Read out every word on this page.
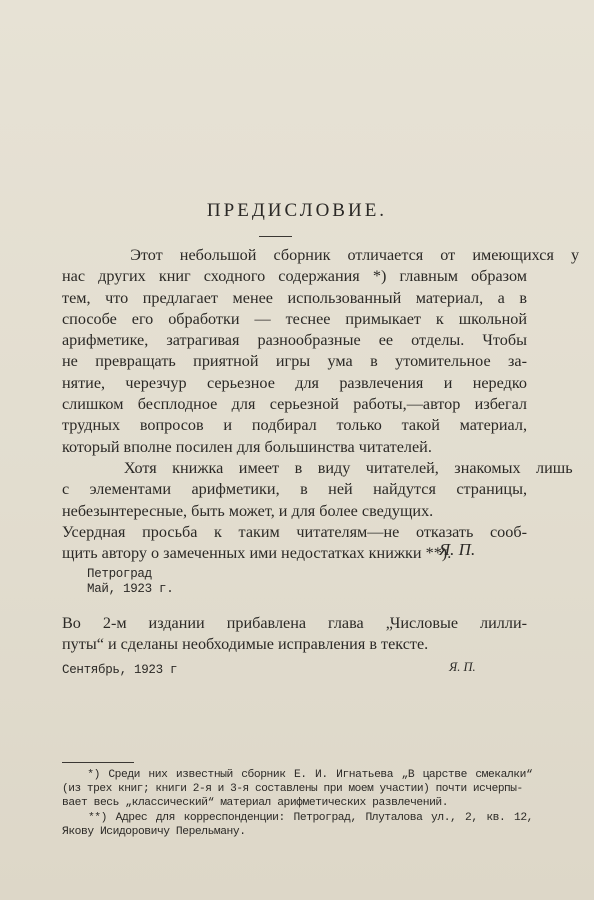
ПРЕДИСЛОВИЕ.
Этот небольшой сборник отличается от имеющихся у
нас других книг сходного содержания *) главным образом
тем, что предлагает менее использованный материал, а в
способе его обработки — теснее примыкает к школьной
арифметике, затрагивая разнообразные ее отделы. Чтобы
не превращать приятной игры ума в утомительное за-
нятие, черезчур серьезное для развлечения и нередко
слишком бесплодное для серьезной работы,—автор избегал
трудных вопросов и подбирал только такой материал,
который вполне посилен для большинства читателей.
Хотя книжка имеет в виду читателей, знакомых лишь
с элементами арифметики, в ней найдутся страницы,
небезынтересные, быть может, и для более сведущих.
Усердная просьба к таким читателям—не отказать сооб-
щить автору о замеченных ими недостатках книжки **).
Я. П.
Петроград
Май, 1923 г.
Во 2-м издании прибавлена глава „Числовые лилли-
путы“ и сделаны необходимые исправления в тексте.
Сентябрь, 1923 г	Я. П.
*) Среди них известный сборник Е. И. Игнатьева „В царстве смекалки“
(из трех книг; книги 2-я и 3-я составлены при моем участии) почти исчерпы-
вает весь „классический“ материал арифметических развлечений.
**) Адрес для корреспонденции: Петроград, Плуталова ул., 2, кв. 12,
Якову Исидоровичу Перельману.
